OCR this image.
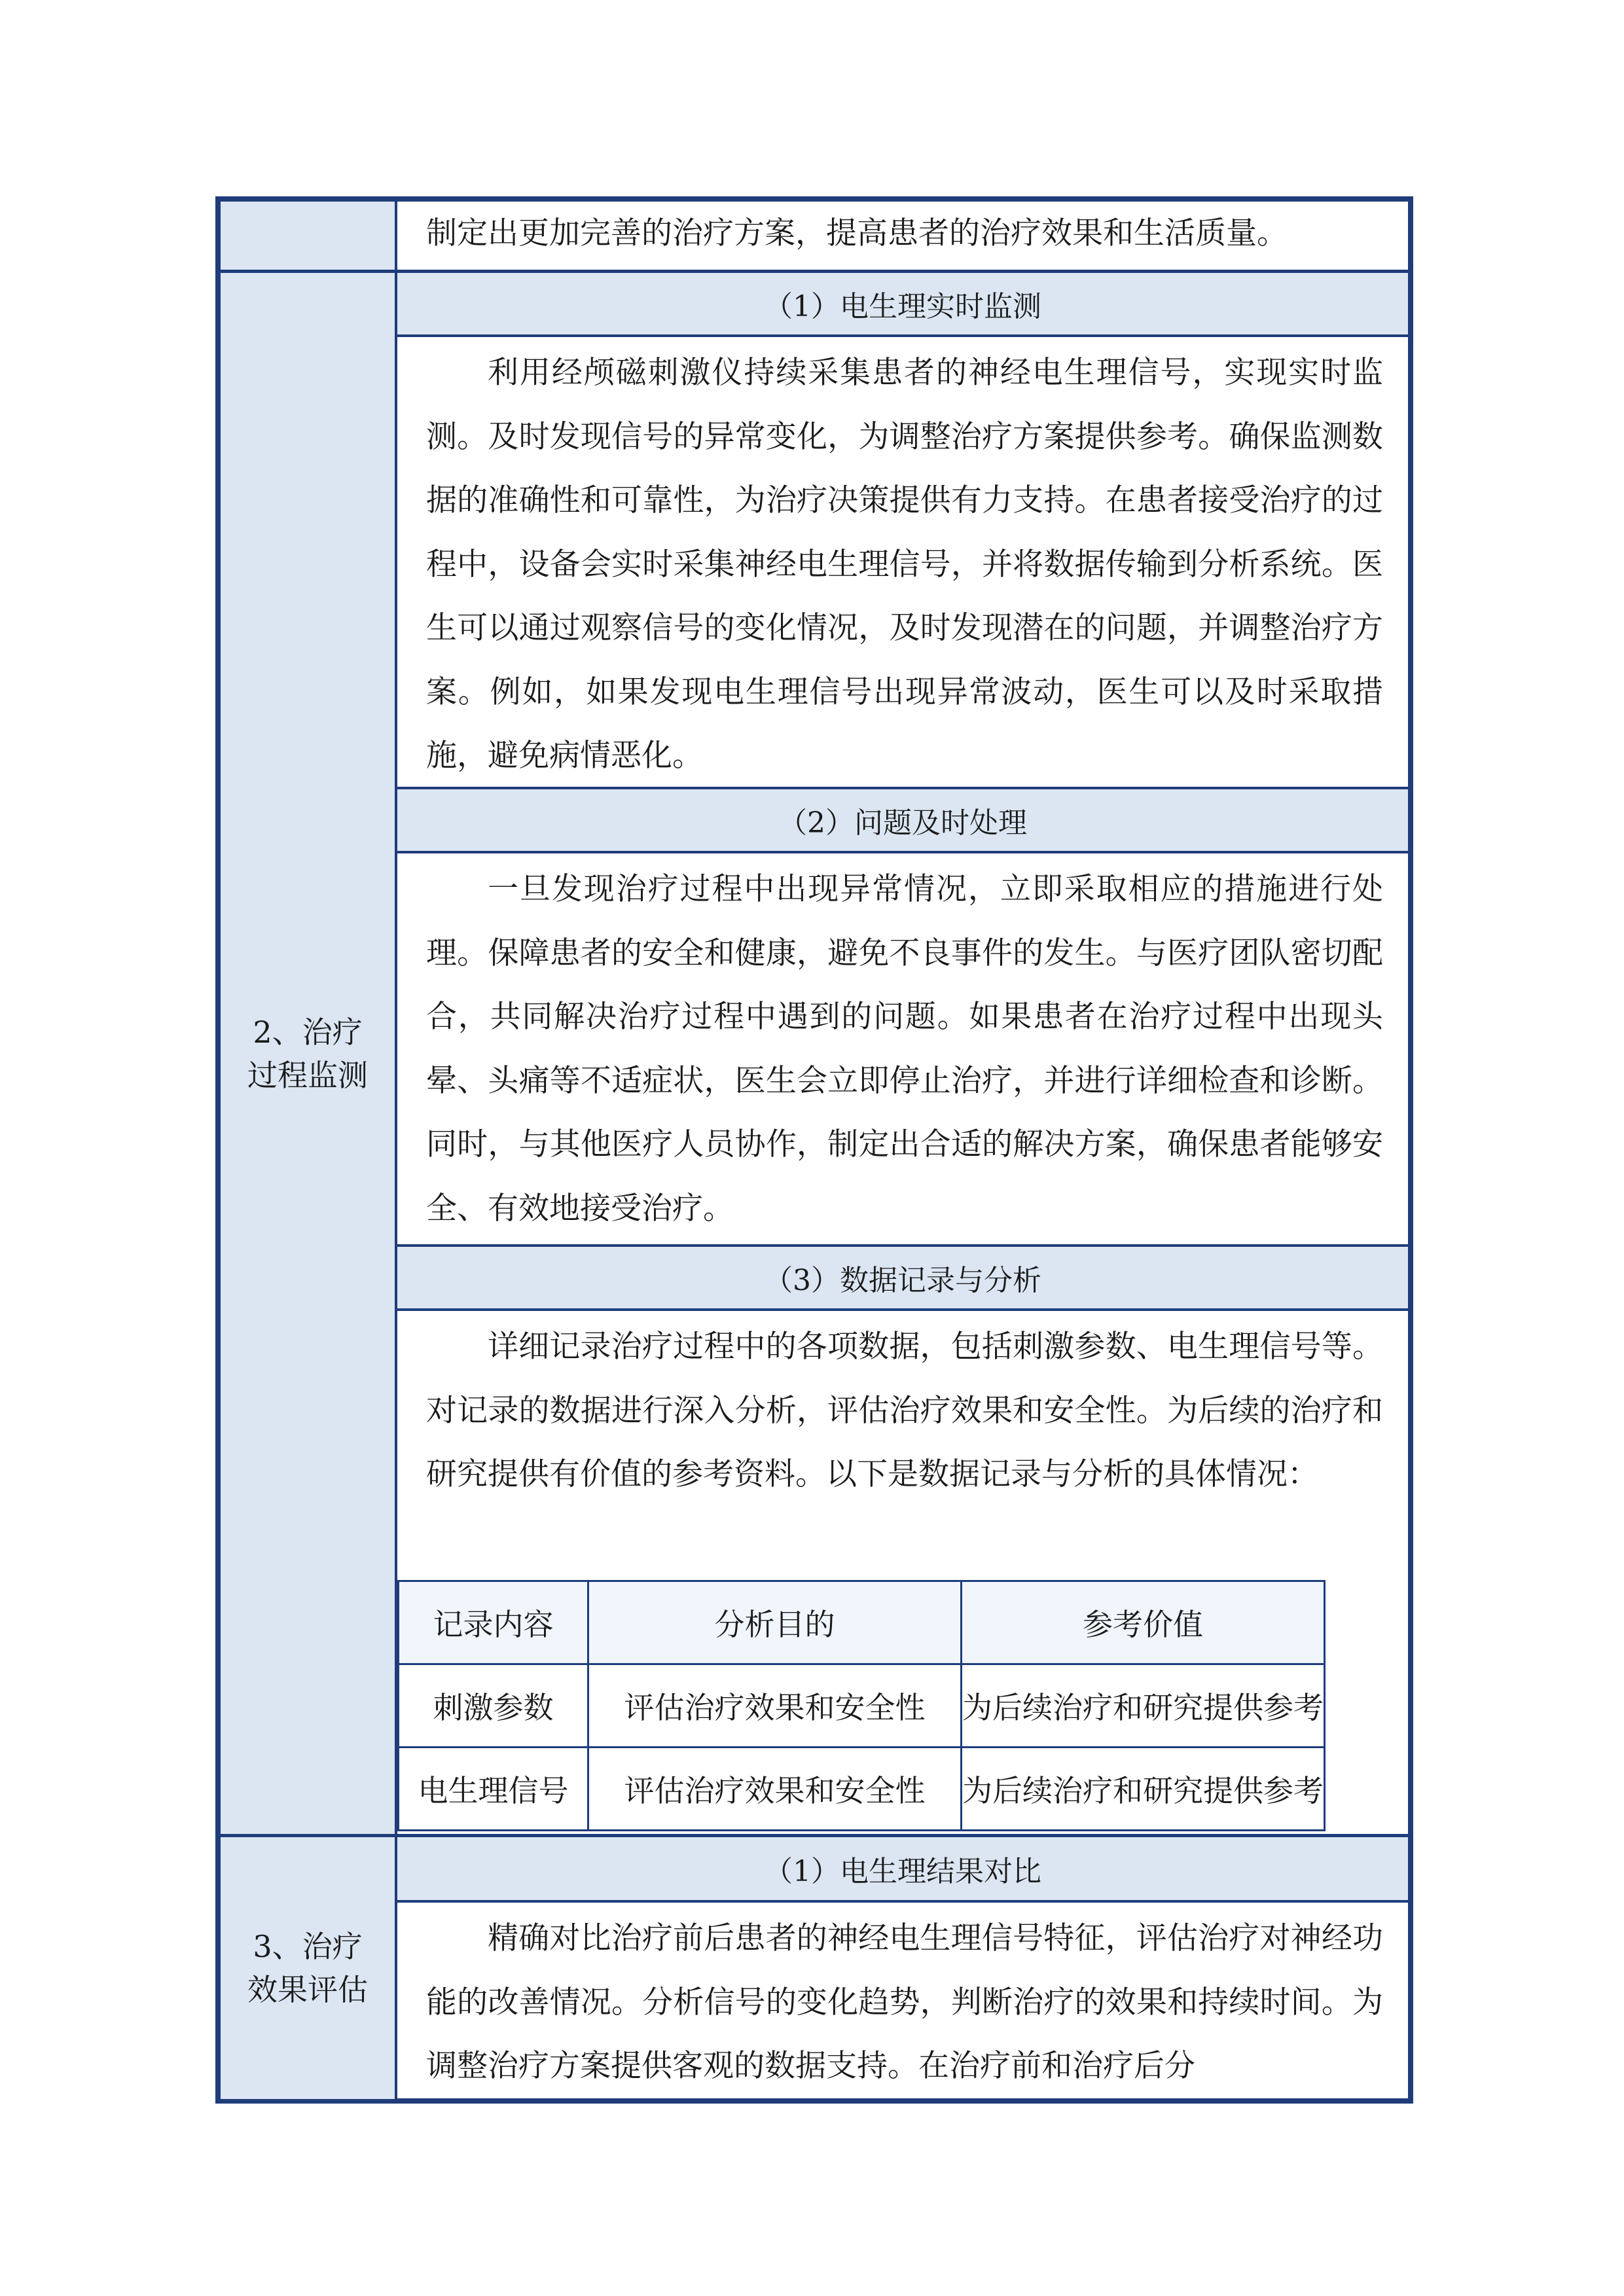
制定出更加完善的治疗方案，提高患者的治疗效果和生活质量。
2、治疗过程监测
（1）电生理实时监测
利用经颅磁刺激仪持续采集患者的神经电生理信号，实现实时监测。及时发现信号的异常变化，为调整治疗方案提供参考。确保监测数据的准确性和可靠性，为治疗决策提供有力支持。在患者接受治疗的过程中，设备会实时采集神经电生理信号，并将数据传输到分析系统。医生可以通过观察信号的变化情况，及时发现潜在的问题，并调整治疗方案。例如，如果发现电生理信号出现异常波动，医生可以及时采取措施，避免病情恶化。
（2）问题及时处理
一旦发现治疗过程中出现异常情况，立即采取相应的措施进行处理。保障患者的安全和健康，避免不良事件的发生。与医疗团队密切配合，共同解决治疗过程中遇到的问题。如果患者在治疗过程中出现头晕、头痛等不适症状，医生会立即停止治疗，并进行详细检查和诊断。同时，与其他医疗人员协作，制定出合适的解决方案，确保患者能够安全、有效地接受治疗。
（3）数据记录与分析
详细记录治疗过程中的各项数据，包括刺激参数、电生理信号等。对记录的数据进行深入分析，评估治疗效果和安全性。为后续的治疗和研究提供有价值的参考资料。以下是数据记录与分析的具体情况：
记录内容	分析目的	参考价值
刺激参数	评估治疗效果和安全性	为后续治疗和研究提供参考
电生理信号	评估治疗效果和安全性	为后续治疗和研究提供参考
3、治疗效果评估
（1）电生理结果对比
精确对比治疗前后患者的神经电生理信号特征，评估治疗对神经功能的改善情况。分析信号的变化趋势，判断治疗的效果和持续时间。为调整治疗方案提供客观的数据支持。在治疗前和治疗后分
